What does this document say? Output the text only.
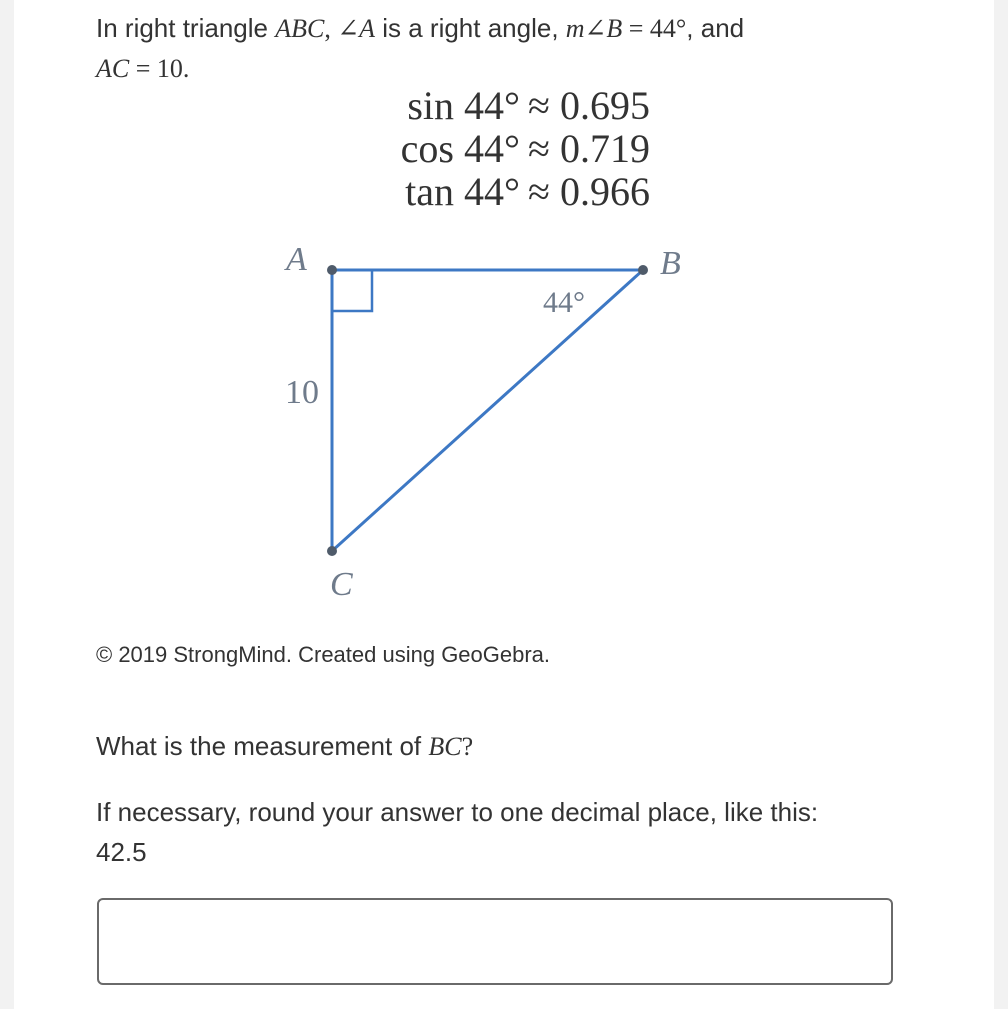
In right triangle ABC, ∠A is a right angle, m∠B = 44°, and
AC = 10.
sin 44° ≈ 0.695
cos 44° ≈ 0.719
tan 44° ≈ 0.966
A	B
C
10
44°
© 2019 StrongMind. Created using GeoGebra.
What is the measurement of BC?
If necessary, round your answer to one decimal place, like this:
42.5
